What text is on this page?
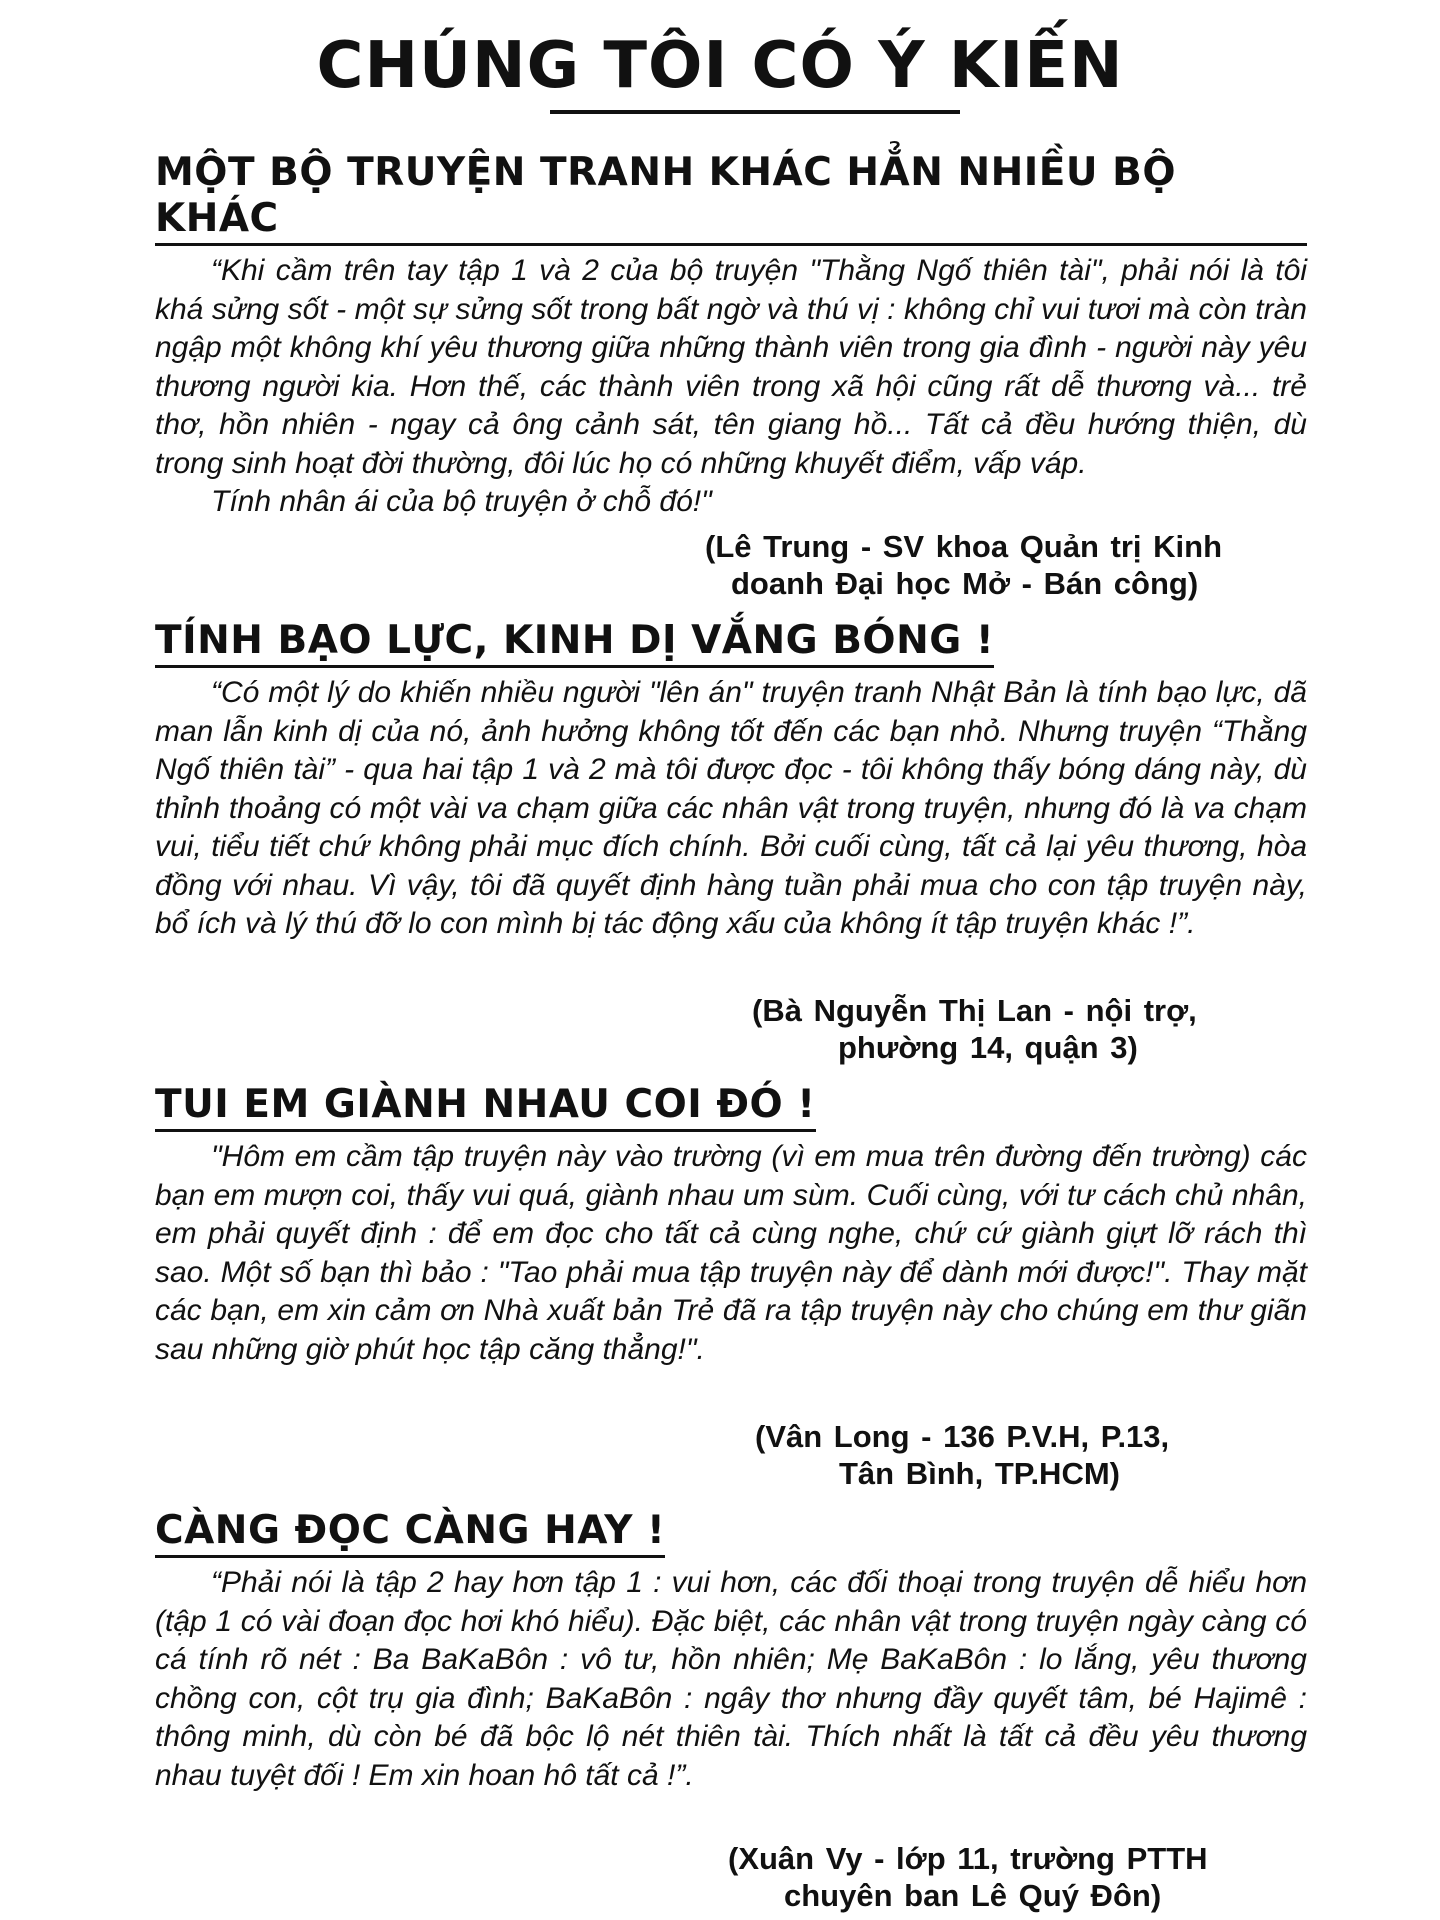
CHÚNG TÔI CÓ Ý KIẾN
MỘT BỘ TRUYỆN TRANH KHÁC HẲN NHIỀU BỘ KHÁC

“Khi cầm trên tay tập 1 và 2 của bộ truyện "Thằng Ngố thiên tài", phải nói là tôi khá sửng sốt - một sự sửng sốt trong bất ngờ và thú vị : không chỉ vui tươi mà còn tràn ngập một không khí yêu thương giữa những thành viên trong gia đình - người này yêu thương người kia. Hơn thế, các thành viên trong xã hội cũng rất dễ thương và... trẻ thơ, hồn nhiên - ngay cả ông cảnh sát, tên giang hồ... Tất cả đều hướng thiện, dù trong sinh hoạt đời thường, đôi lúc họ có những khuyết điểm, vấp váp.

Tính nhân ái của bộ truyện ở chỗ đó!"

(Lê Trung - SV khoa Quản trị Kinh
doanh Đại học Mở - Bán công)
TÍNH BẠO LỰC, KINH DỊ VẮNG BÓNG !

“Có một lý do khiến nhiều người "lên án" truyện tranh Nhật Bản là tính bạo lực, dã man lẫn kinh dị của nó, ảnh hưởng không tốt đến các bạn nhỏ. Nhưng truyện “Thằng Ngố thiên tài” - qua hai tập 1 và 2 mà tôi được đọc - tôi không thấy bóng dáng này, dù thỉnh thoảng có một vài va chạm giữa các nhân vật trong truyện, nhưng đó là va chạm vui, tiểu tiết chứ không phải mục đích chính. Bởi cuối cùng, tất cả lại yêu thương, hòa đồng với nhau. Vì vậy, tôi đã quyết định hàng tuần phải mua cho con tập truyện này, bổ ích và lý thú đỡ lo con mình bị tác động xấu của không ít tập truyện khác !”.

(Bà Nguyễn Thị Lan - nội trợ,
phường 14, quận 3)
TUI EM GIÀNH NHAU COI ĐÓ !

"Hôm em cầm tập truyện này vào trường (vì em mua trên đường đến trường) các bạn em mượn coi, thấy vui quá, giành nhau um sùm. Cuối cùng, với tư cách chủ nhân, em phải quyết định : để em đọc cho tất cả cùng nghe, chứ cứ giành giựt lỡ rách thì sao. Một số bạn thì bảo : "Tao phải mua tập truyện này để dành mới được!". Thay mặt các bạn, em xin cảm ơn Nhà xuất bản Trẻ đã ra tập truyện này cho chúng em thư giãn sau những giờ phút học tập căng thẳng!".

(Vân Long - 136 P.V.H, P.13,
Tân Bình, TP.HCM)
CÀNG ĐỌC CÀNG HAY !

“Phải nói là tập 2 hay hơn tập 1 : vui hơn, các đối thoại trong truyện dễ hiểu hơn (tập 1 có vài đoạn đọc hơi khó hiểu). Đặc biệt, các nhân vật trong truyện ngày càng có cá tính rõ nét : Ba BaKaBôn : vô tư, hồn nhiên; Mẹ BaKaBôn : lo lắng, yêu thương chồng con, cột trụ gia đình; BaKaBôn : ngây thơ nhưng đầy quyết tâm, bé Hajimê : thông minh, dù còn bé đã bộc lộ nét thiên tài. Thích nhất là tất cả đều yêu thương nhau tuyệt đối ! Em xin hoan hô tất cả !”.

(Xuân Vy - lớp 11, trường PTTH
chuyên ban Lê Quý Đôn)
